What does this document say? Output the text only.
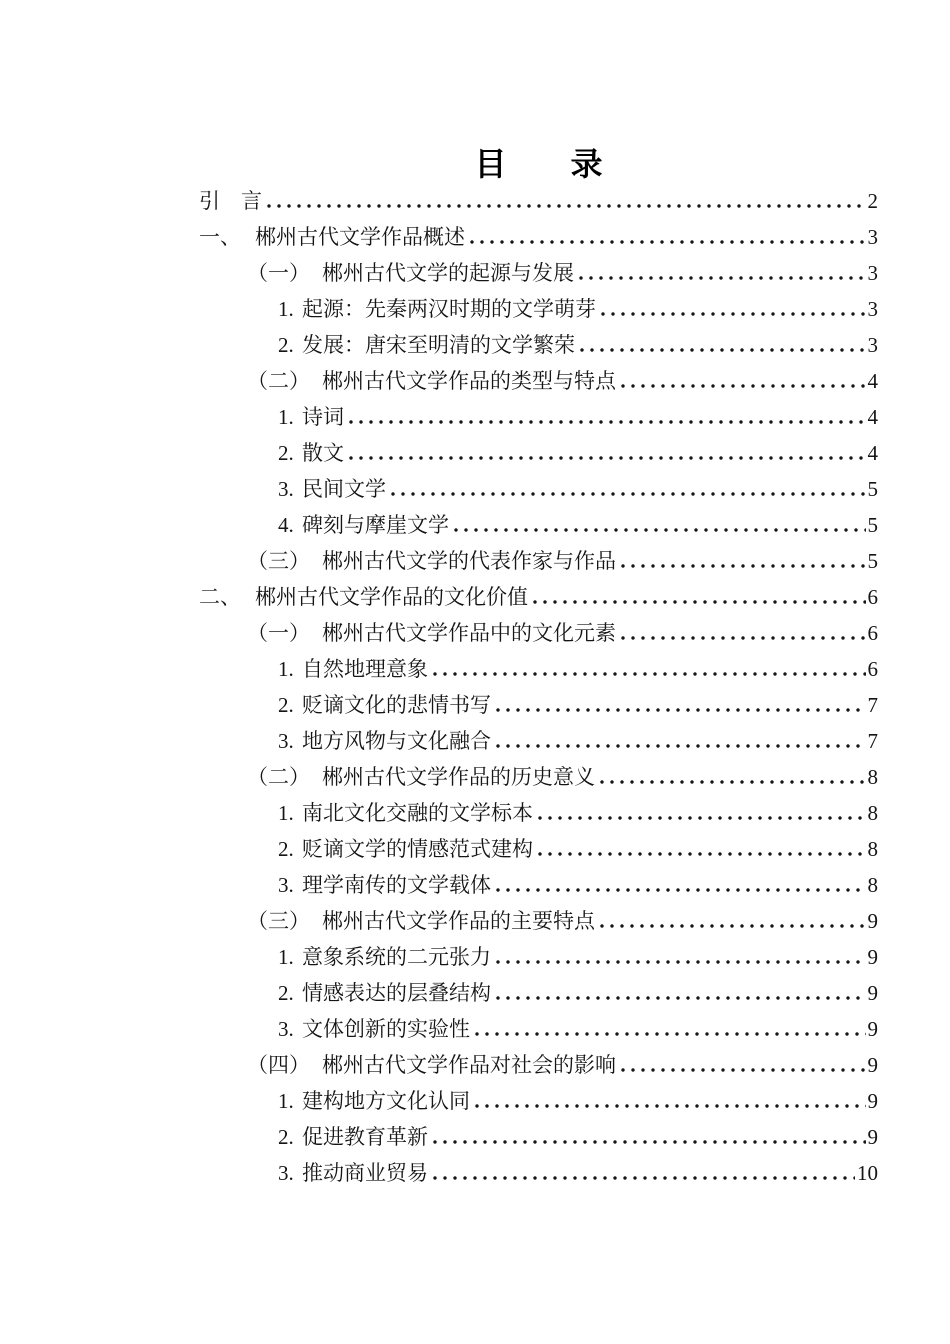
目　　录
引　言	2
一、 郴州古代文学作品概述	3
（一） 郴州古代文学的起源与发展	3
1. 起源：先秦两汉时期的文学萌芽	3
2. 发展：唐宋至明清的文学繁荣	3
（二） 郴州古代文学作品的类型与特点	4
1. 诗词	4
2. 散文	4
3. 民间文学	5
4. 碑刻与摩崖文学	5
（三） 郴州古代文学的代表作家与作品	5
二、 郴州古代文学作品的文化价值	6
（一） 郴州古代文学作品中的文化元素	6
1. 自然地理意象	6
2. 贬谪文化的悲情书写	7
3. 地方风物与文化融合	7
（二） 郴州古代文学作品的历史意义	8
1. 南北文化交融的文学标本	8
2. 贬谪文学的情感范式建构	8
3. 理学南传的文学载体	8
（三） 郴州古代文学作品的主要特点	9
1. 意象系统的二元张力	9
2. 情感表达的层叠结构	9
3. 文体创新的实验性	9
（四） 郴州古代文学作品对社会的影响	9
1. 建构地方文化认同	9
2. 促进教育革新	9
3. 推动商业贸易	10
